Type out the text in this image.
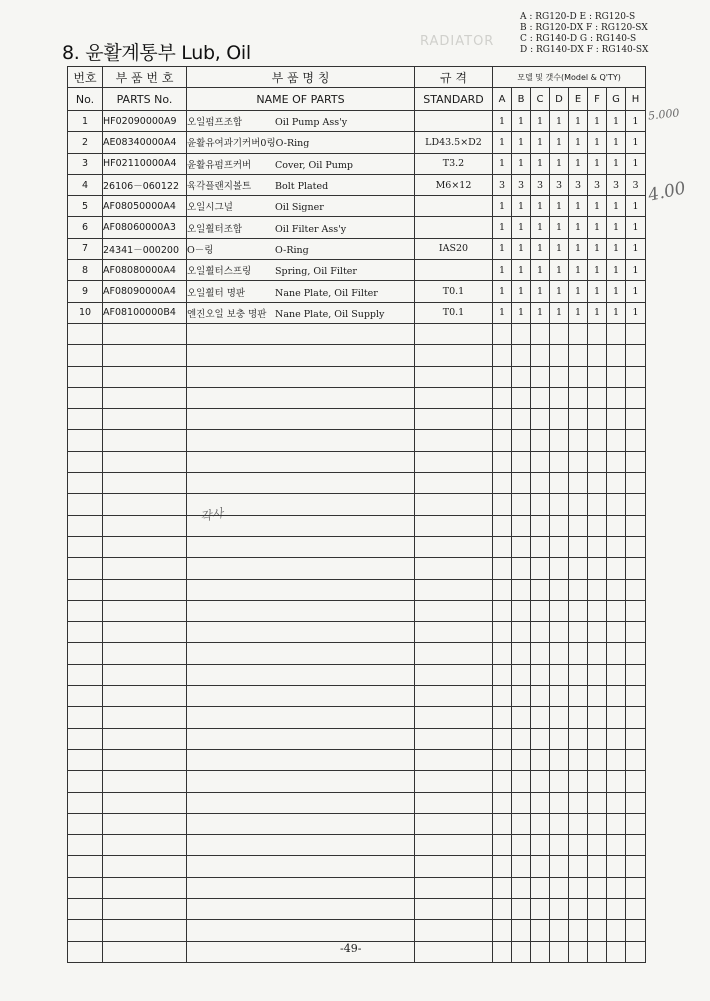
RADIATOR
A : RG120-D E : RG120-S
B : RG120-DX F : RG120-SX
C : RG140-D G : RG140-S
D : RG140-DX F : RG140-SX
8. 윤활계통부 Lub, Oil
5.000
4.00
각사
번호	부 품 번 호	부 품 명 칭	규 격	모델 및 갯수(Model & Q'TY)							
No.	PARTS No.	NAME OF PARTS	STANDARD	A	B	C	D	E	F	G	H
1	HF02090000A9	오일펌프조합 Oil Pump Ass'y		1	1	1	1	1	1	1	1
2	AE08340000A4	윤활유여과기커버0링O-Ring	LD43.5×D2	1	1	1	1	1	1	1	1
3	HF02110000A4	윤활유펌프커버 Cover, Oil Pump	T3.2	1	1	1	1	1	1	1	1
4	26106－060122	육각플랜지볼트 Bolt Plated	M6×12	3	3	3	3	3	3	3	3
5	AF08050000A4	오일시그널 Oil Signer		1	1	1	1	1	1	1	1
6	AF08060000A3	오일휠터조합 Oil Filter Ass'y		1	1	1	1	1	1	1	1
7	24341－000200	O－링 O-Ring	IAS20	1	1	1	1	1	1	1	1
8	AF08080000A4	오일휠터스프링 Spring, Oil Filter		1	1	1	1	1	1	1	1
9	AF08090000A4	오일휠터 명판 Nane Plate, Oil Filter	T0.1	1	1	1	1	1	1	1	1
10	AF08100000B4	엔진오일 보충 명판 Nane Plate, Oil Supply	T0.1	1	1	1	1	1	1	1	1

-49-
